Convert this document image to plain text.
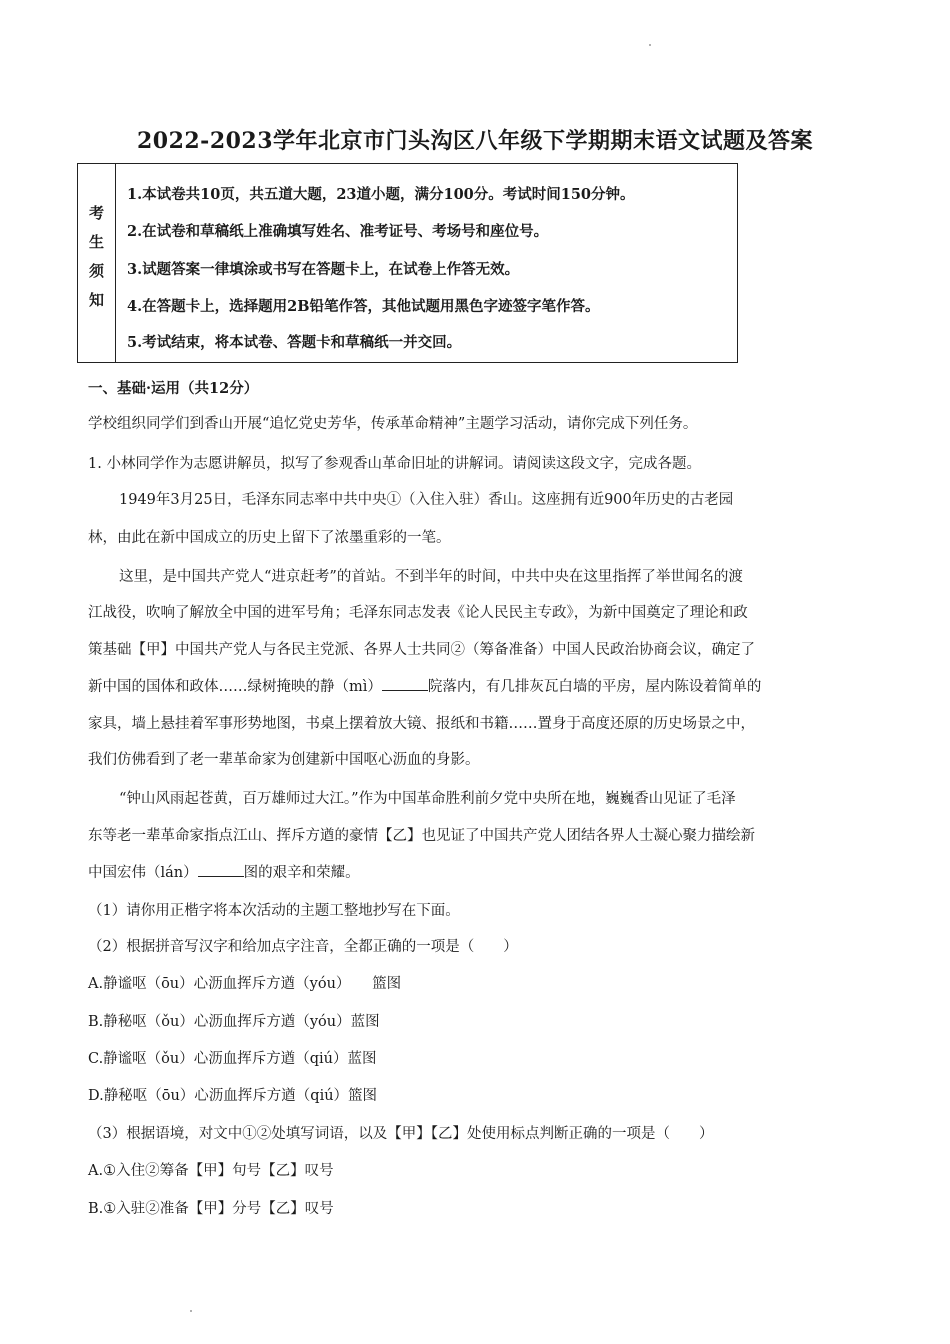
2022-2023学年北京市门头沟区八年级下学期期末语文试题及答案
考生须知
1.本试卷共10页，共五道大题，23道小题，满分100分。考试时间150分钟。
2.在试卷和草稿纸上准确填写姓名、准考证号、考场号和座位号。
3.试题答案一律填涂或书写在答题卡上，在试卷上作答无效。
4.在答题卡上，选择题用2B铅笔作答，其他试题用黑色字迹签字笔作答。
5.考试结束，将本试卷、答题卡和草稿纸一并交回。
一、基础·运用（共12分）
学校组织同学们到香山开展“追忆党史芳华，传承革命精神”主题学习活动，请你完成下列任务。
1. 小林同学作为志愿讲解员，拟写了参观香山革命旧址的讲解词。请阅读这段文字，完成各题。
1949年3月25日，毛泽东同志率中共中央①（入住入驻）香山。这座拥有近900年历史的古老园
林，由此在新中国成立的历史上留下了浓墨重彩的一笔。
这里，是中国共产党人“进京赶考”的首站。不到半年的时间，中共中央在这里指挥了举世闻名的渡
江战役，吹响了解放全中国的进军号角；毛泽东同志发表《论人民民主专政》，为新中国奠定了理论和政
策基础【甲】中国共产党人与各民主党派、各界人士共同②（筹备准备）中国人民政治协商会议，确定了
新中国的国体和政体……绿树掩映的静（mì）	院落内，有几排灰瓦白墙的平房，屋内陈设着简单的
家具，墙上悬挂着军事形势地图，书桌上摆着放大镜、报纸和书籍……置身于高度还原的历史场景之中，
我们仿佛看到了老一辈革命家为创建新中国呕心沥血的身影。
“钟山风雨起苍黄，百万雄师过大江。”作为中国革命胜利前夕党中央所在地，巍巍香山见证了毛泽
东等老一辈革命家指点江山、挥斥方遒的豪情【乙】也见证了中国共产党人团结各界人士凝心聚力描绘新
中国宏伟（lán）	图的艰辛和荣耀。
（1）请你用正楷字将本次活动的主题工整地抄写在下面。
（2）根据拼音写汉字和给加点字注音，全都正确的一项是（　　）
A.静谧呕（ōu）心沥血挥斥方遒（yóu）　　篮图
B.静秘呕（ǒu）心沥血挥斥方遒（yóu）蓝图
C.静谧呕（ǒu）心沥血挥斥方遒（qiú）蓝图
D.静秘呕（ōu）心沥血挥斥方遒（qiú）篮图
（3）根据语境，对文中①②处填写词语，以及【甲】【乙】处使用标点判断正确的一项是（　　）
A.①入住②筹备【甲】句号【乙】叹号
B.①入驻②准备【甲】分号【乙】叹号
